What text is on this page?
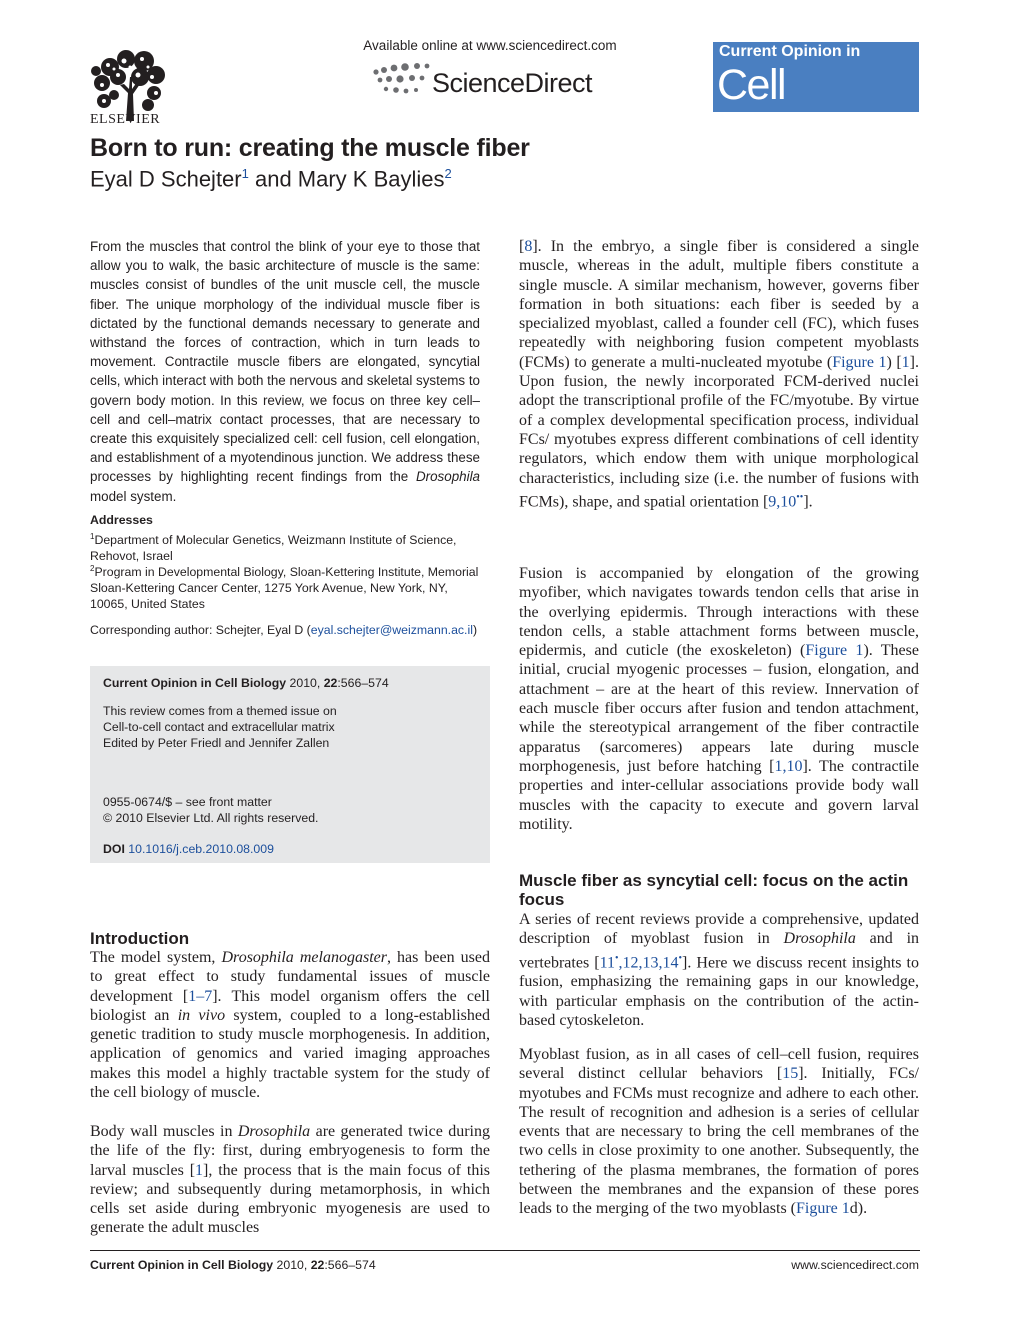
ELSEVIER
Available online at www.sciencedirect.com
ScienceDirect
Current Opinion in
Cell Biology
Born to run: creating the muscle fiber
Eyal D Schejter$^1$ and Mary K Baylies$^2$

From the muscles that control the blink of your eye to those that allow you to walk, the basic architecture of muscle is the same: muscles consist of bundles of the unit muscle cell, the muscle fiber. The unique morphology of the individual muscle fiber is dictated by the functional demands necessary to generate and withstand the forces of contraction, which in turn leads to movement. Contractile muscle fibers are elongated, syncytial cells, which interact with both the nervous and skeletal systems to govern body motion. In this review, we focus on three key cell–cell and cell–matrix contact processes, that are necessary to create this exquisitely specialized cell: cell fusion, cell elongation, and establishment of a myotendinous junction. We address these processes by highlighting recent findings from the Drosophila model system.

Addresses

$^1$Department of Molecular Genetics, Weizmann Institute of Science, Rehovot, Israel

$^2$Program in Developmental Biology, Sloan-Kettering Institute, Memorial Sloan-Kettering Cancer Center, 1275 York Avenue, New York, NY, 10065, United States

Corresponding author: Schejter, Eyal D (eyal.schejter@weizmann.ac.il)

Current Opinion in Cell Biology 2010, 22:566–574
This review comes from a themed issue on
Cell-to-cell contact and extracellular matrix
Edited by Peter Friedl and Jennifer Zallen
0955-0674/$ – see front matter
© 2010 Elsevier Ltd. All rights reserved.
DOI 10.1016/j.ceb.2010.08.009
Introduction

The model system, Drosophila melanogaster, has been used to great effect to study fundamental issues of muscle development [1–7]. This model organism offers the cell biologist an in vivo system, coupled to a long-established genetic tradition to study muscle morphogenesis. In addition, application of genomics and varied imaging approaches makes this model a highly tractable system for the study of the cell biology of muscle.

Body wall muscles in Drosophila are generated twice during the life of the fly: first, during embryogenesis to form the larval muscles [1], the process that is the main focus of this review; and subsequently during metamorphosis, in which cells set aside during embryonic myogenesis are used to generate the adult muscles

[8]. In the embryo, a single fiber is considered a single muscle, whereas in the adult, multiple fibers constitute a single muscle. A similar mechanism, however, governs fiber formation in both situations: each fiber is seeded by a specialized myoblast, called a founder cell (FC), which fuses repeatedly with neighboring fusion competent myoblasts (FCMs) to generate a multi-nucleated myotube (Figure 1) [1]. Upon fusion, the newly incorporated FCM-derived nuclei adopt the transcriptional profile of the FC/myotube. By virtue of a complex developmental specification process, individual FCs/ myotubes express different combinations of cell identity regulators, which endow them with unique morphological characteristics, including size (i.e. the number of fusions with FCMs), shape, and spatial orientation [9,10••].

Fusion is accompanied by elongation of the growing myofiber, which navigates towards tendon cells that arise in the overlying epidermis. Through interactions with these tendon cells, a stable attachment forms between muscle, epidermis, and cuticle (the exoskeleton) (Figure 1). These initial, crucial myogenic processes – fusion, elongation, and attachment – are at the heart of this review. Innervation of each muscle fiber occurs after fusion and tendon attachment, while the stereotypical arrangement of the fiber contractile apparatus (sarcomeres) appears late during muscle morphogenesis, just before hatching [1,10]. The contractile properties and inter-cellular associations provide body wall muscles with the capacity to execute and govern larval motility.

Muscle fiber as syncytial cell: focus on the actin focus

A series of recent reviews provide a comprehensive, updated description of myoblast fusion in Drosophila and in vertebrates [11•,12,13,14•]. Here we discuss recent insights to fusion, emphasizing the remaining gaps in our knowledge, with particular emphasis on the contribution of the actin-based cytoskeleton.

Myoblast fusion, as in all cases of cell–cell fusion, requires several distinct cellular behaviors [15]. Initially, FCs/ myotubes and FCMs must recognize and adhere to each other. The result of recognition and adhesion is a series of cellular events that are necessary to bring the cell membranes of the two cells in close proximity to one another. Subsequently, the tethering of the plasma membranes, the formation of pores between the membranes and the expansion of these pores leads to the merging of the two myoblasts (Figure 1d).

Current Opinion in Cell Biology 2010, 22:566–574	www.sciencedirect.com
